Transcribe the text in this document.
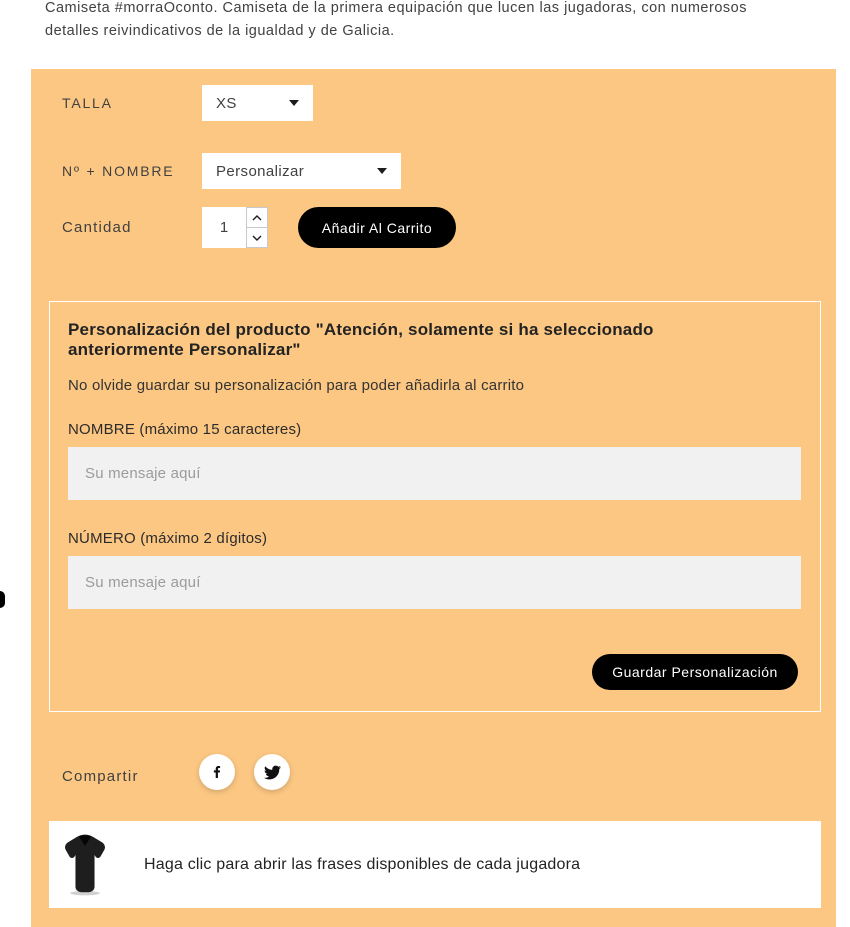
Camiseta #morraOconto. Camiseta de la primera equipación que lucen las jugadoras, con numerosos detalles reivindicativos de la igualdad y de Galicia.

TALLA	XS
Nº + NOMBRE	Personalizar
Cantidad
1	Añadir Al Carrito
Personalización del producto "Atención, solamente si ha seleccionado anteriormente Personalizar"

No olvide guardar su personalización para poder añadirla al carrito

NOMBRE (máximo 15 caracteres)
Su mensaje aquí
NÚMERO (máximo 2 dígitos)
Su mensaje aquí
Guardar Personalización
Compartir
Haga clic para abrir las frases disponibles de cada jugadora
